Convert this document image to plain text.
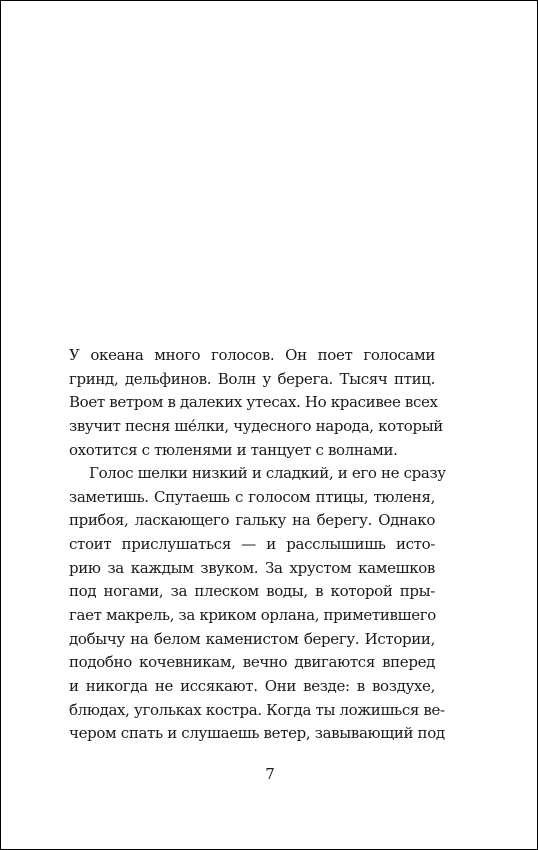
У океана много голосов. Он поет голосами
гринд, дельфинов. Волн у берега. Тысяч птиц.
Воет ветром в далеких утесах. Но красивее всех
звучит песня ше́лки, чудесного народа, который
охотится с тюленями и танцует с волнами.
Голос шелки низкий и сладкий, и его не сразу
заметишь. Спутаешь с голосом птицы, тюленя,
прибоя, ласкающего гальку на берегу. Однако
стоит прислушаться — и расслышишь исто-
рию за каждым звуком. За хрустом камешков
под ногами, за плеском воды, в которой пры-
гает макрель, за криком орлана, приметившего
добычу на белом каменистом берегу. Истории,
подобно кочевникам, вечно двигаются вперед
и никогда не иссякают. Они везде: в воздухе,
блюдах, угольках костра. Когда ты ложишься ве-
чером спать и слушаешь ветер, завывающий под
7
